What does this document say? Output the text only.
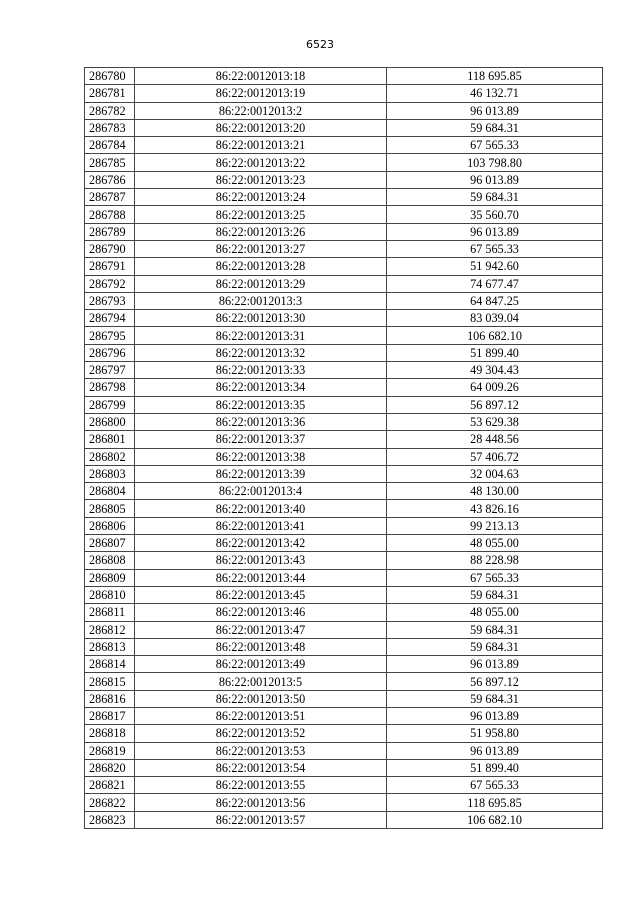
6523
286780	86:22:0012013:18	118 695.85
286781	86:22:0012013:19	46 132.71
286782	86:22:0012013:2	96 013.89
286783	86:22:0012013:20	59 684.31
286784	86:22:0012013:21	67 565.33
286785	86:22:0012013:22	103 798.80
286786	86:22:0012013:23	96 013.89
286787	86:22:0012013:24	59 684.31
286788	86:22:0012013:25	35 560.70
286789	86:22:0012013:26	96 013.89
286790	86:22:0012013:27	67 565.33
286791	86:22:0012013:28	51 942.60
286792	86:22:0012013:29	74 677.47
286793	86:22:0012013:3	64 847.25
286794	86:22:0012013:30	83 039.04
286795	86:22:0012013:31	106 682.10
286796	86:22:0012013:32	51 899.40
286797	86:22:0012013:33	49 304.43
286798	86:22:0012013:34	64 009.26
286799	86:22:0012013:35	56 897.12
286800	86:22:0012013:36	53 629.38
286801	86:22:0012013:37	28 448.56
286802	86:22:0012013:38	57 406.72
286803	86:22:0012013:39	32 004.63
286804	86:22:0012013:4	48 130.00
286805	86:22:0012013:40	43 826.16
286806	86:22:0012013:41	99 213.13
286807	86:22:0012013:42	48 055.00
286808	86:22:0012013:43	88 228.98
286809	86:22:0012013:44	67 565.33
286810	86:22:0012013:45	59 684.31
286811	86:22:0012013:46	48 055.00
286812	86:22:0012013:47	59 684.31
286813	86:22:0012013:48	59 684.31
286814	86:22:0012013:49	96 013.89
286815	86:22:0012013:5	56 897.12
286816	86:22:0012013:50	59 684.31
286817	86:22:0012013:51	96 013.89
286818	86:22:0012013:52	51 958.80
286819	86:22:0012013:53	96 013.89
286820	86:22:0012013:54	51 899.40
286821	86:22:0012013:55	67 565.33
286822	86:22:0012013:56	118 695.85
286823	86:22:0012013:57	106 682.10
